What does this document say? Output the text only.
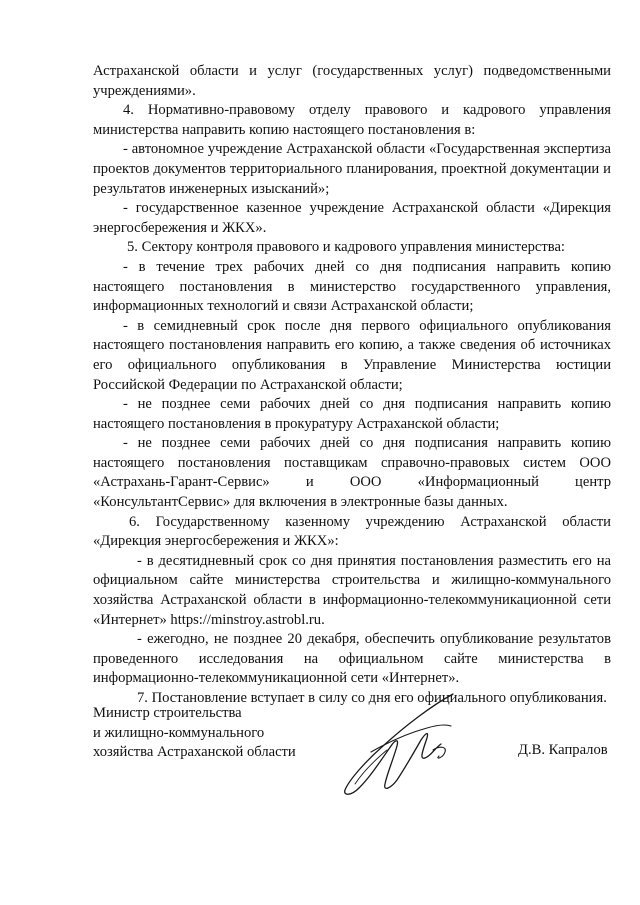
Астраханской области и услуг (государственных услуг) подведомственными учреждениями».

4. Нормативно-правовому отделу правового и кадрового управления министерства направить копию настоящего постановления в:

- автономное учреждение Астраханской области «Государственная экспертиза проектов документов территориального планирования, проектной документации и результатов инженерных изысканий»;

- государственное казенное учреждение Астраханской области «Дирекция энергосбережения и ЖКХ».

5. Сектору контроля правового и кадрового управления министерства:

- в течение трех рабочих дней со дня подписания направить копию настоящего постановления в министерство государственного управления, информационных технологий и связи Астраханской области;

- в семидневный срок после дня первого официального опубликования настоящего постановления направить его копию, а также сведения об источниках его официального опубликования в Управление Министерства юстиции Российской Федерации по Астраханской области;

- не позднее семи рабочих дней со дня подписания направить копию настоящего постановления в прокуратуру Астраханской области;

- не позднее семи рабочих дней со дня подписания направить копию настоящего постановления поставщикам справочно-правовых систем ООО «Астрахань-Гарант-Сервис» и ООО «Информационный центр «КонсультантСервис» для включения в электронные базы данных.

6. Государственному казенному учреждению Астраханской области «Дирекция энергосбережения и ЖКХ»:

- в десятидневный срок со дня принятия постановления разместить его на официальном сайте министерства строительства и жилищно-коммунального хозяйства Астраханской области в информационно-телекоммуникационной сети «Интернет» https://minstroy.astrobl.ru.

- ежегодно, не позднее 20 декабря, обеспечить опубликование результатов проведенного исследования на официальном сайте министерства в информационно-телекоммуникационной сети «Интернет».

7. Постановление вступает в силу со дня его официального опубликования.

Министр строительства
и жилищно-коммунального
хозяйства Астраханской области	Д.В. Капралов
